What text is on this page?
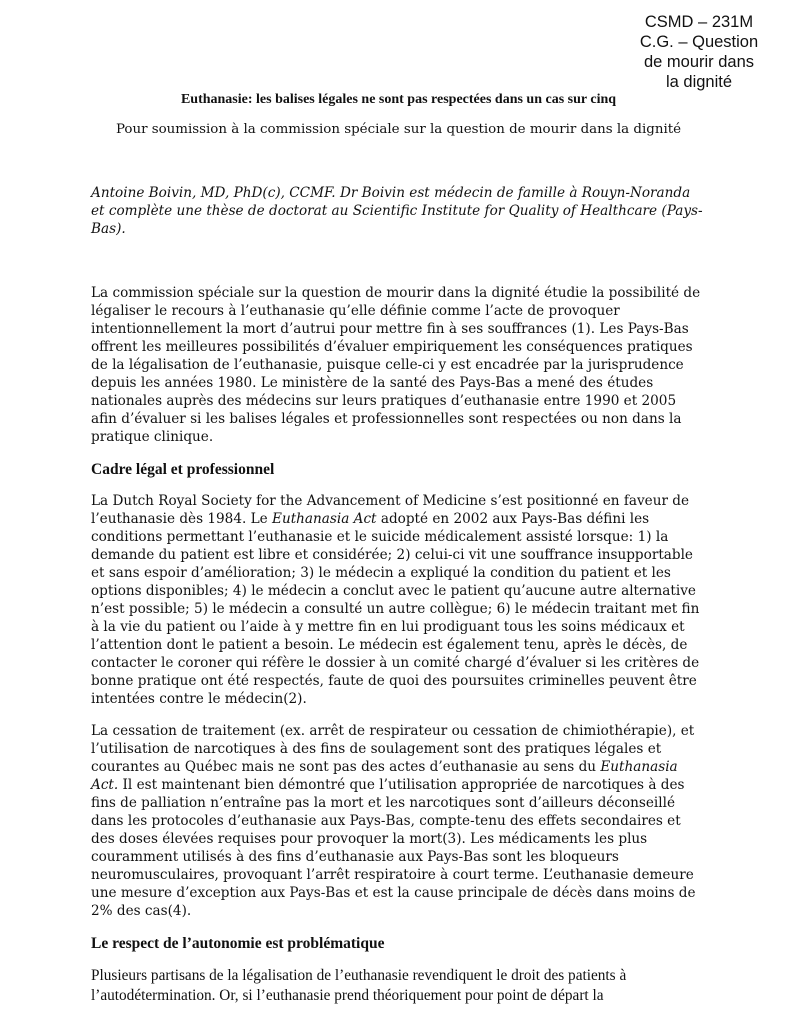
CSMD – 231M
C.G. – Question
de mourir dans
la dignité
Euthanasie: les balises légales ne sont pas respectées dans un cas sur cinq
Pour soumission à la commission spéciale sur la question de mourir dans la dignité
Antoine Boivin, MD, PhD(c), CCMF. Dr Boivin est médecin de famille à Rouyn-Noranda et complète une thèse de doctorat au Scientific Institute for Quality of Healthcare (Pays-Bas).

La commission spéciale sur la question de mourir dans la dignité étudie la possibilité de légaliser le recours à l’euthanasie qu’elle définie comme l’acte de provoquer intentionnellement la mort d’autrui pour mettre fin à ses souffrances (1). Les Pays-Bas offrent les meilleures possibilités d’évaluer empiriquement les conséquences pratiques de la légalisation de l’euthanasie, puisque celle-ci y est encadrée par la jurisprudence depuis les années 1980. Le ministère de la santé des Pays-Bas a mené des études nationales auprès des médecins sur leurs pratiques d’euthanasie entre 1990 et 2005 afin d’évaluer si les balises légales et professionnelles sont respectées ou non dans la pratique clinique.

Cadre légal et professionnel

La Dutch Royal Society for the Advancement of Medicine s’est positionné en faveur de l’euthanasie dès 1984. Le Euthanasia Act adopté en 2002 aux Pays-Bas défini les conditions permettant l’euthanasie et le suicide médicalement assisté lorsque: 1) la demande du patient est libre et considérée; 2) celui-ci vit une souffrance insupportable et sans espoir d’amélioration; 3) le médecin a expliqué la condition du patient et les options disponibles; 4) le médecin a conclut avec le patient qu’aucune autre alternative n’est possible; 5) le médecin a consulté un autre collègue; 6) le médecin traitant met fin à la vie du patient ou l’aide à y mettre fin en lui prodiguant tous les soins médicaux et l’attention dont le patient a besoin. Le médecin est également tenu, après le décès, de contacter le coroner qui réfère le dossier à un comité chargé d’évaluer si les critères de bonne pratique ont été respectés, faute de quoi des poursuites criminelles peuvent être intentées contre le médecin(2).

La cessation de traitement (ex. arrêt de respirateur ou cessation de chimiothérapie), et l’utilisation de narcotiques à des fins de soulagement sont des pratiques légales et courantes au Québec mais ne sont pas des actes d’euthanasie au sens du Euthanasia Act. Il est maintenant bien démontré que l’utilisation appropriée de narcotiques à des fins de palliation n’entraîne pas la mort et les narcotiques sont d’ailleurs déconseillé dans les protocoles d’euthanasie aux Pays-Bas, compte-tenu des effets secondaires et des doses élevées requises pour provoquer la mort(3). Les médicaments les plus couramment utilisés à des fins d’euthanasie aux Pays-Bas sont les bloqueurs neuromusculaires, provoquant l’arrêt respiratoire à court terme. L’euthanasie demeure une mesure d’exception aux Pays-Bas et est la cause principale de décès dans moins de 2% des cas(4).

Le respect de l’autonomie est problématique

Plusieurs partisans de la légalisation de l’euthanasie revendiquent le droit des patients à l’autodétermination. Or, si l’euthanasie prend théoriquement pour point de départ la
